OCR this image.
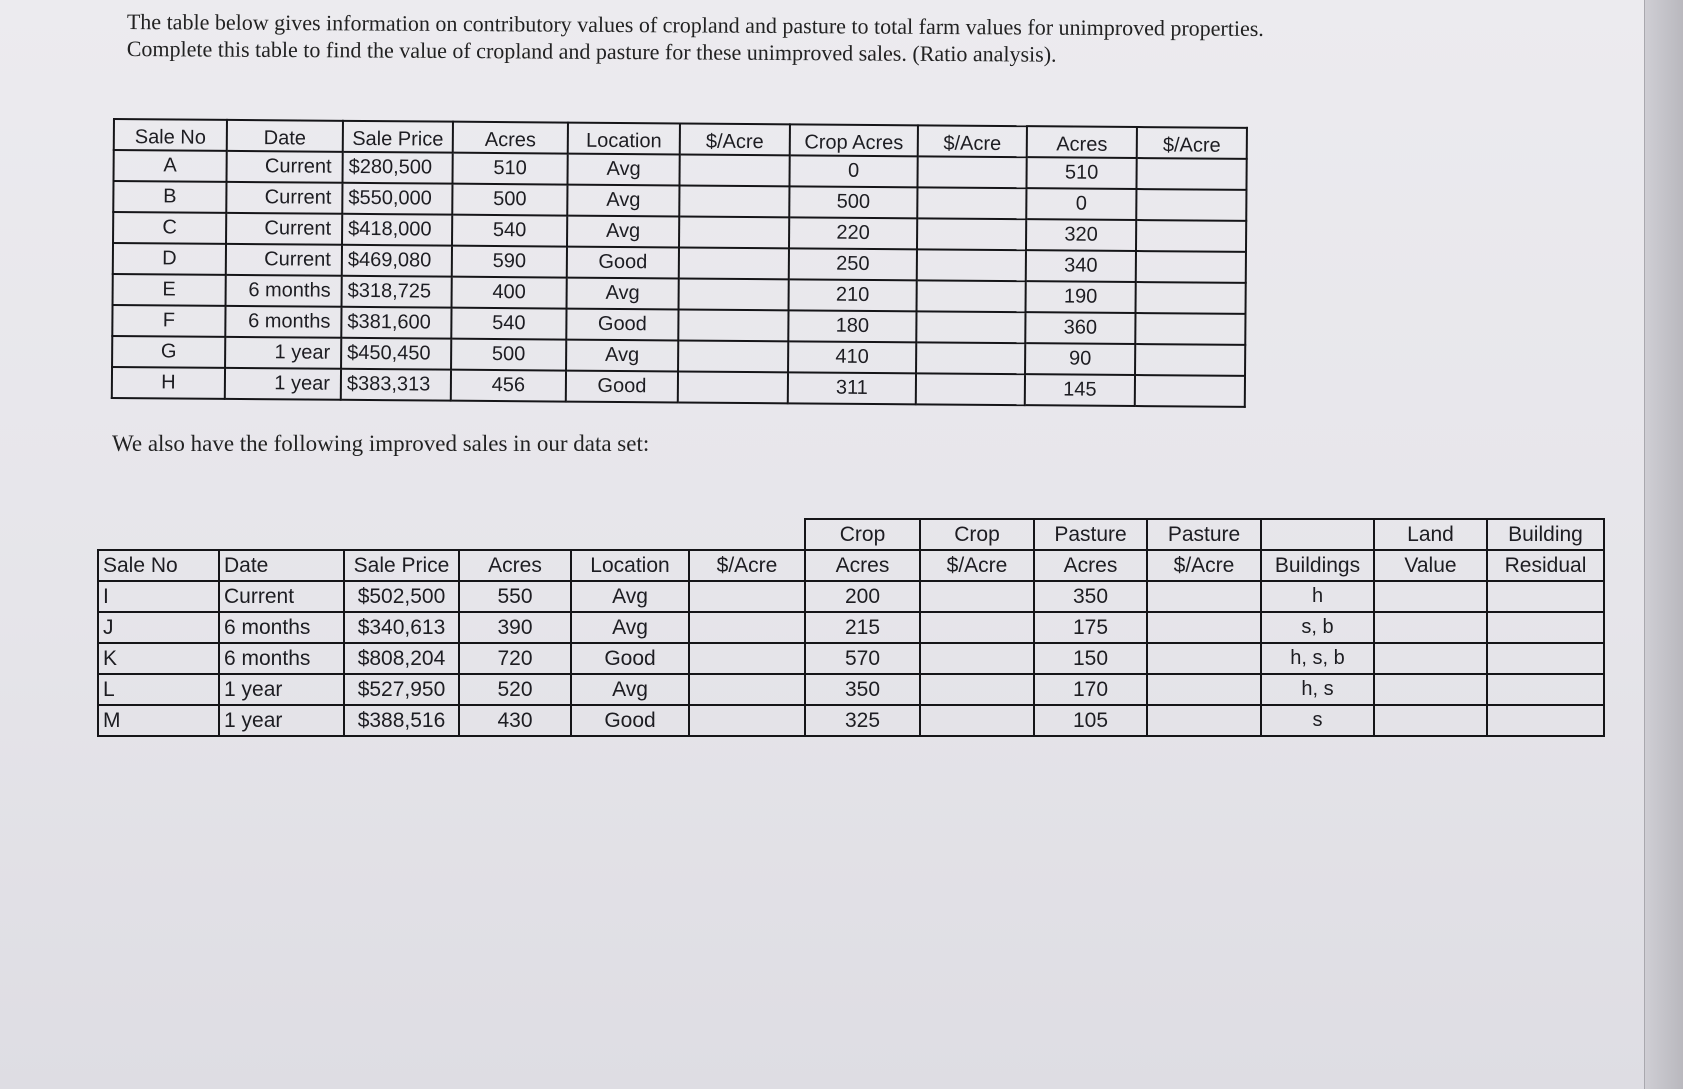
The table below gives information on contributory values of cropland and pasture to total farm values for unimproved properties.

Complete this table to find the value of cropland and pasture for these unimproved sales. (Ratio analysis).

Sale No	Date	Sale Price	Acres	Location	$/Acre	Crop Acres	$/Acre	Acres	$/Acre
A	Current	$280,500	510	Avg		0		510	
B	Current	$550,000	500	Avg		500		0	
C	Current	$418,000	540	Avg		220		320	
D	Current	$469,080	590	Good		250		340	
E	6 months	$318,725	400	Avg		210		190	
F	6 months	$381,600	540	Good		180		360	
G	1 year	$450,450	500	Avg		410		90	
H	1 year	$383,313	456	Good		311		145	
We also have the following improved sales in our data set:
						Crop	Crop	Pasture	Pasture		Land	Building
Sale No	Date	Sale Price	Acres	Location	$/Acre	Acres	$/Acre	Acres	$/Acre	Buildings	Value	Residual
I	Current	$502,500	550	Avg		200		350		h		
J	6 months	$340,613	390	Avg		215		175		s, b		
K	6 months	$808,204	720	Good		570		150		h, s, b		
L	1 year	$527,950	520	Avg		350		170		h, s		
M	1 year	$388,516	430	Good		325		105		s		
